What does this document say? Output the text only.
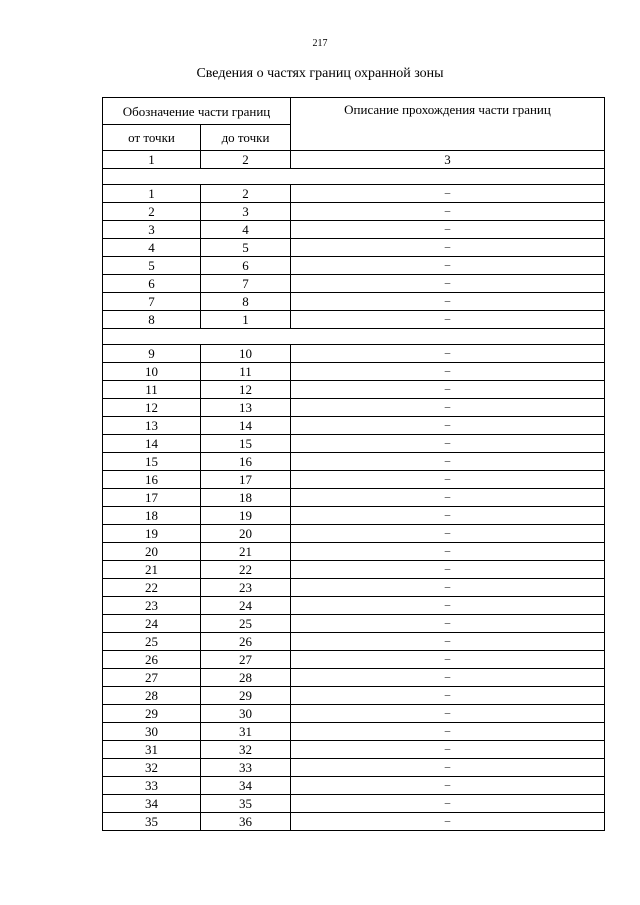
217
Сведения о частях границ охранной зоны
Обозначение части границ		Описание прохождения части границ
от точки	до точки	
1	2	3

1	2	–
2	3	–
3	4	–
4	5	–
5	6	–
6	7	–
7	8	–
8	1	–

9	10	–
10	11	–
11	12	–
12	13	–
13	14	–
14	15	–
15	16	–
16	17	–
17	18	–
18	19	–
19	20	–
20	21	–
21	22	–
22	23	–
23	24	–
24	25	–
25	26	–
26	27	–
27	28	–
28	29	–
29	30	–
30	31	–
31	32	–
32	33	–
33	34	–
34	35	–
35	36	–
